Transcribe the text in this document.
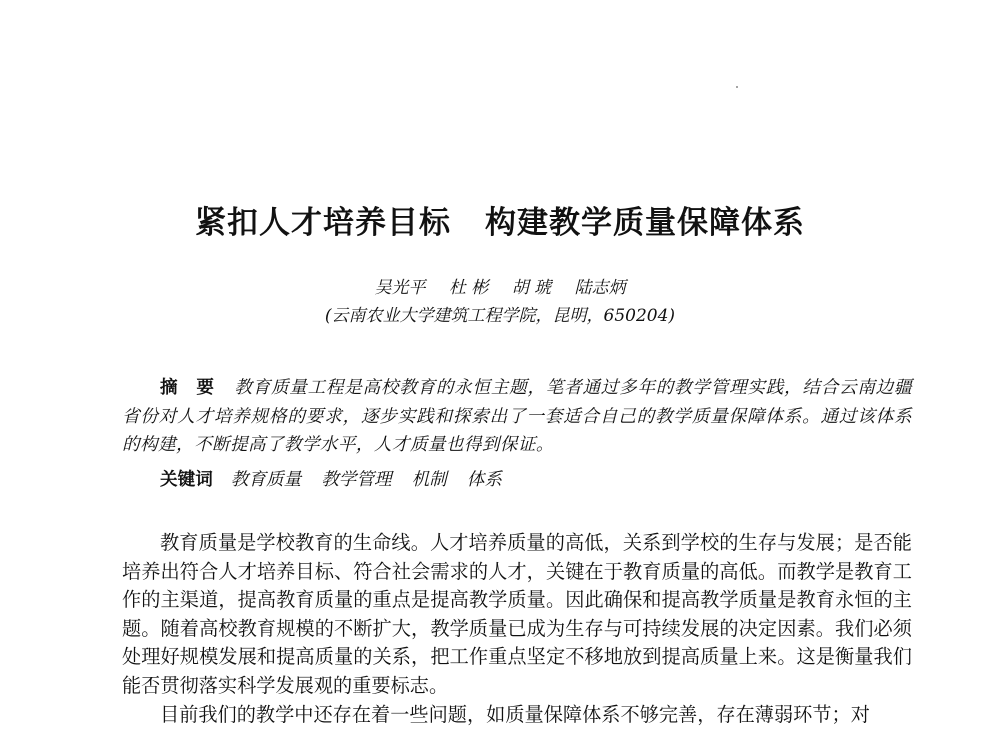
紧扣人才培养目标 构建教学质量保障体系
吴光平 杜 彬 胡 琥 陆志炳
(云南农业大学建筑工程学院，昆明，650204)
摘 要 教育质量工程是高校教育的永恒主题，笔者通过多年的教学管理实践，结合云南边疆省份对人才培养规格的要求，逐步实践和探索出了一套适合自己的教学质量保障体系。通过该体系的构建，不断提高了教学水平，人才质量也得到保证。
关键词 教育质量 教学管理 机制 体系

教育质量是学校教育的生命线。人才培养质量的高低，关系到学校的生存与发展；是否能培养出符合人才培养目标、符合社会需求的人才，关键在于教育质量的高低。而教学是教育工作的主渠道，提高教育质量的重点是提高教学质量。因此确保和提高教学质量是教育永恒的主题。随着高校教育规模的不断扩大，教学质量已成为生存与可持续发展的决定因素。我们必须处理好规模发展和提高质量的关系，把工作重点坚定不移地放到提高质量上来。这是衡量我们能否贯彻落实科学发展观的重要标志。

目前我们的教学中还存在着一些问题，如质量保障体系不够完善，存在薄弱环节；对
